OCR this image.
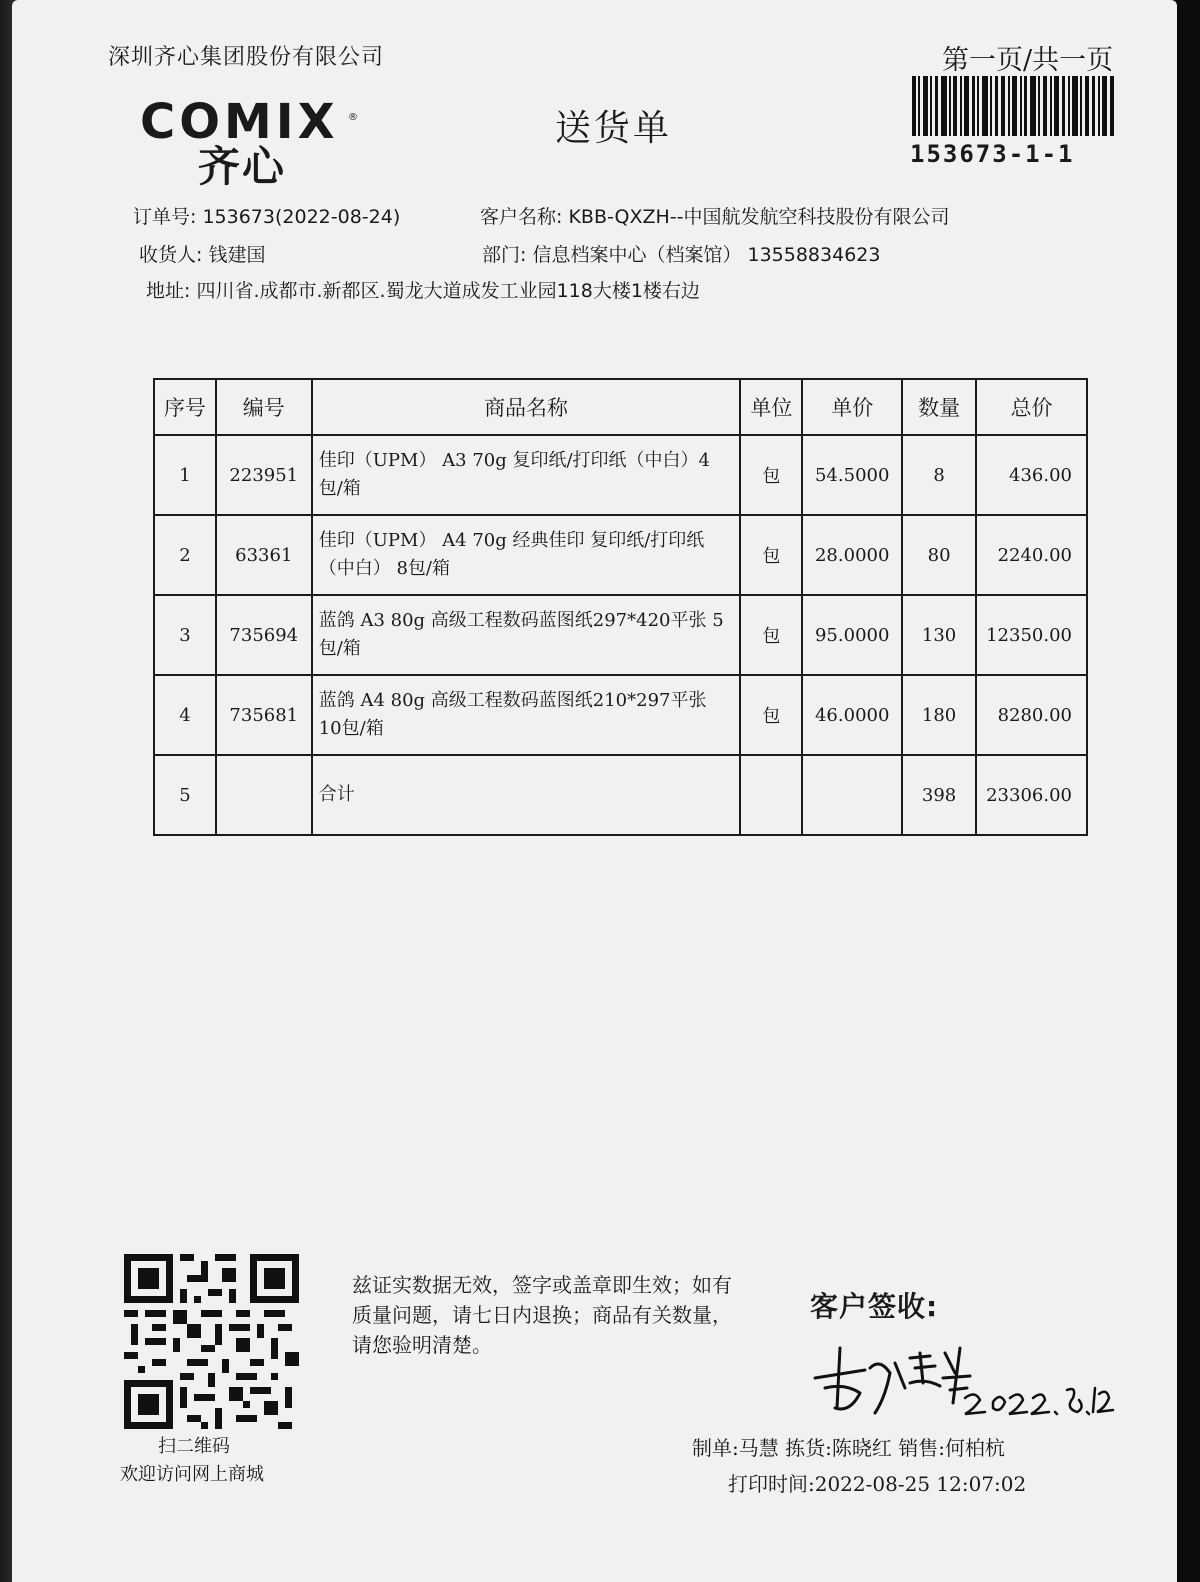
深圳齐心集团股份有限公司	第一页/共一页
153673-1-1
COMIX ®
齐心
送货单
订单号: 153673(2022-08-24)	客户名称: KBB-QXZH--中国航发航空科技股份有限公司
收货人: 钱建国	部门: 信息档案中心（档案馆） 13558834623
地址: 四川省.成都市.新都区.蜀龙大道成发工业园118大楼1楼右边
序号	编号	商品名称	单位	单价	数量	总价
1	223951	佳印（UPM） A3 70g 复印纸/打印纸（中白）4包/箱	包	54.5000	8	436.00
2	63361	佳印（UPM） A4 70g 经典佳印 复印纸/打印纸（中白） 8包/箱	包	28.0000	80	2240.00
3	735694	蓝鸽 A3 80g 高级工程数码蓝图纸297*420平张 5包/箱	包	95.0000	130	12350.00
4	735681	蓝鸽 A4 80g 高级工程数码蓝图纸210*297平张 10包/箱	包	46.0000	180	8280.00
5		合计			398	23306.00
扫二维码
欢迎访问网上商城
兹证实数据无效，签字或盖章即生效；如有质量问题，请七日内退换；商品有关数量，请您验明清楚。
客户签收:
制单:马慧 拣货:陈晓红 销售:何柏杭
打印时间:2022-08-25 12:07:02
